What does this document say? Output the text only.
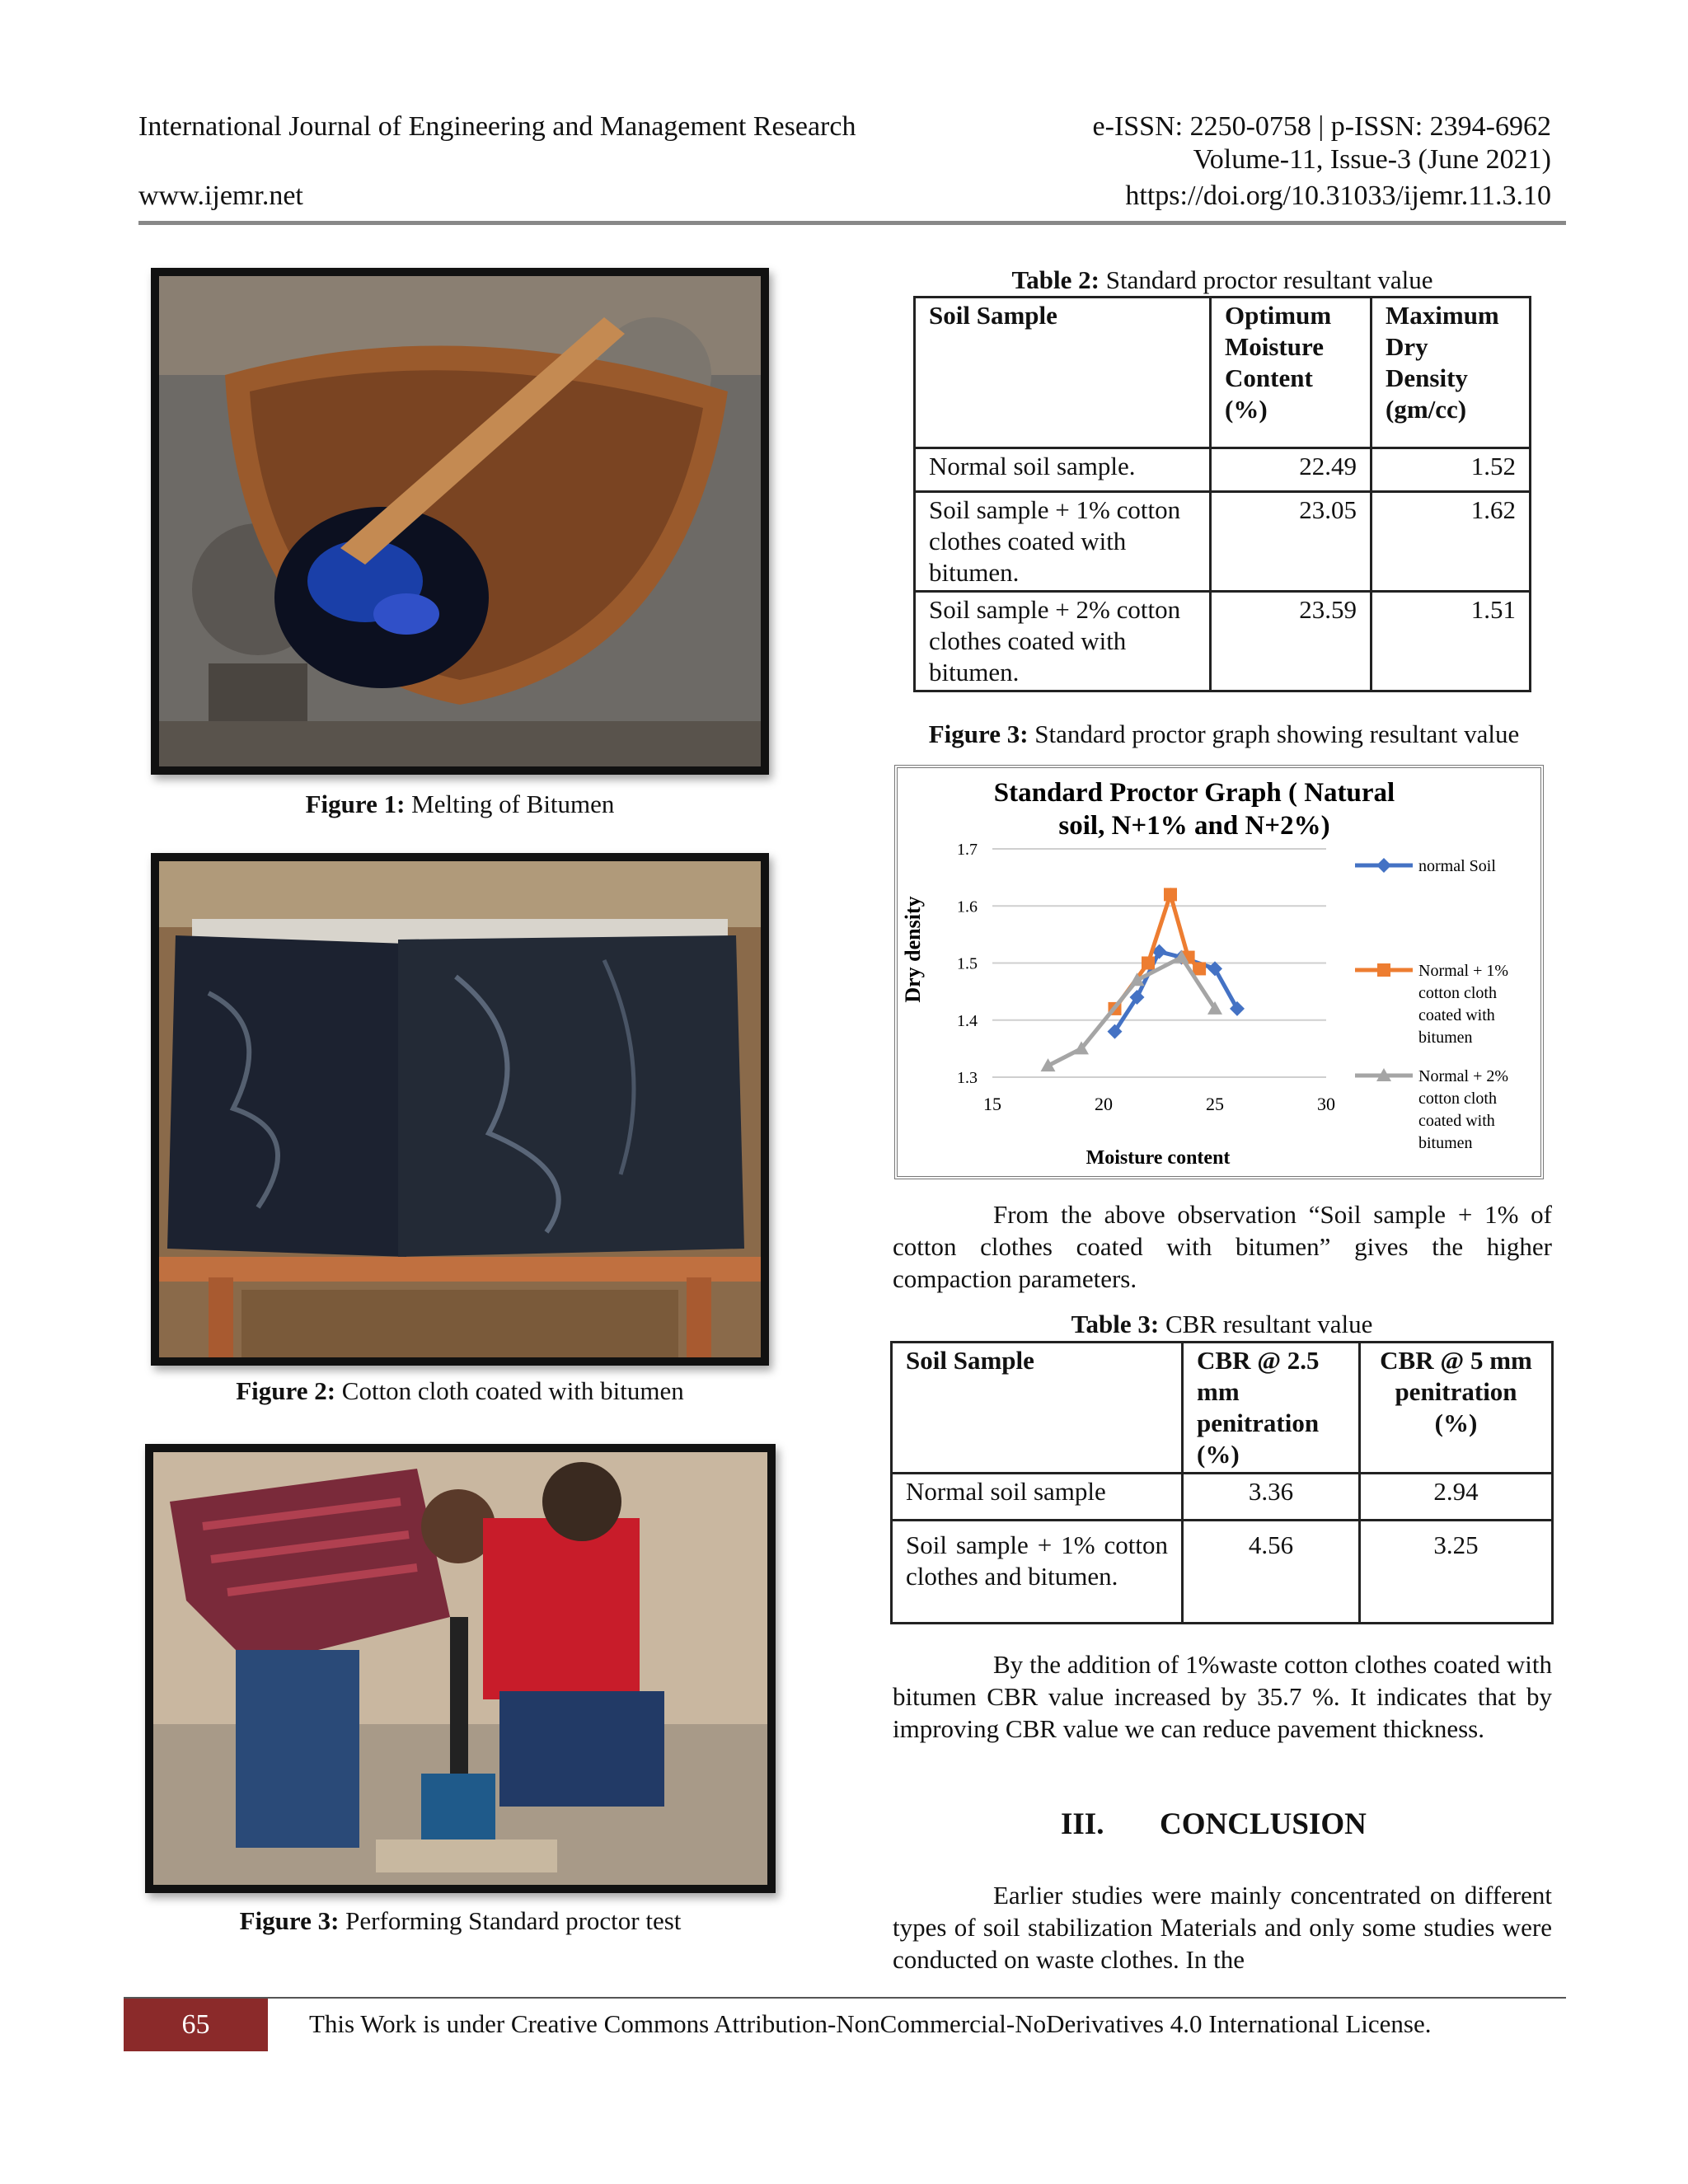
International Journal of Engineering and Management Research	e-ISSN: 2250-0758 | p-ISSN: 2394-6962
Volume-11, Issue-3 (June 2021)
www.ijemr.net	https://doi.org/10.31033/ijemr.11.3.10
Figure 1: Melting of Bitumen
Figure 2: Cotton cloth coated with bitumen
Figure 3: Performing Standard proctor test
Table 2: Standard proctor resultant value
Soil Sample	Optimum Moisture Content (%)	Maximum Dry Density (gm/cc)
Normal soil sample.	22.49	1.52
Soil sample + 1% cotton clothes coated with bitumen.	23.05	1.62
Soil sample + 2% cotton clothes coated with bitumen.	23.59	1.51
Figure 3: Standard proctor graph showing resultant value
Standard Proctor Graph ( Natural
soil, N+1% and N+2%)
1.3
1.4
1.5
1.6
1.7
15	20	25	30
normal Soil
Normal + 1% cotton cloth coated with bitumen
Normal + 2% cotton cloth coated with bitumen
Dry density
Moisture content
From the above observation “Soil sample + 1% of cotton clothes coated with bitumen” gives the higher compaction parameters.
Table 3: CBR resultant value
Soil Sample	CBR @ 2.5 mm penitration (%)	CBR @ 5 mm penitration (%)
Normal soil sample	3.36	2.94
Soil sample + 1% cotton clothes and bitumen.	4.56	3.25
By the addition of 1%waste cotton clothes coated with bitumen CBR value increased by 35.7 %. It indicates that by improving CBR value we can reduce pavement thickness.
III. CONCLUSION
Earlier studies were mainly concentrated on different types of soil stabilization Materials and only some studies were conducted on waste clothes. In the
65	This Work is under Creative Commons Attribution-NonCommercial-NoDerivatives 4.0 International License.
